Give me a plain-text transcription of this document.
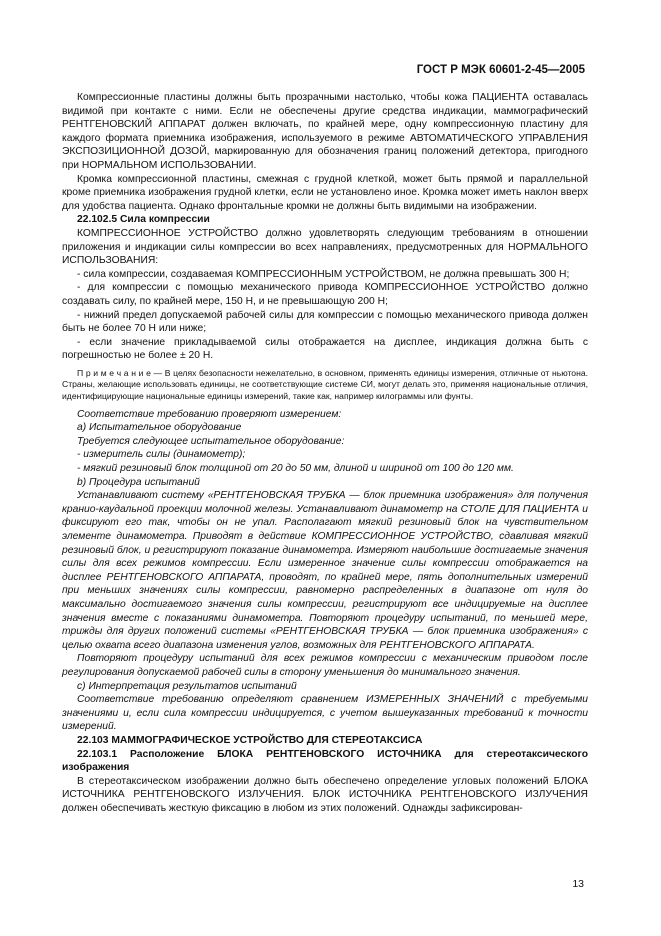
ГОСТ Р МЭК 60601-2-45—2005

Компрессионные пластины должны быть прозрачными настолько, чтобы кожа ПАЦИЕНТА оставалась видимой при контакте с ними. Если не обеспечены другие средства индикации, маммографический РЕНТГЕНОВСКИЙ АППАРАТ должен включать, по крайней мере, одну компрессионную пластину для каждого формата приемника изображения, используемого в режиме АВТОМАТИЧЕСКОГО УПРАВЛЕНИЯ ЭКСПОЗИЦИОННОЙ ДОЗОЙ, маркированную для обозначения границ положений детектора, пригодного при НОРМАЛЬНОМ ИСПОЛЬЗОВАНИИ.

Кромка компрессионной пластины, смежная с грудной клеткой, может быть прямой и параллельной кроме приемника изображения грудной клетки, если не установлено иное. Кромка может иметь наклон вверх для удобства пациента. Однако фронтальные кромки не должны быть видимыми на изображении.

22.102.5 Сила компрессии

КОМПРЕССИОННОЕ УСТРОЙСТВО должно удовлетворять следующим требованиям в отношении приложения и индикации силы компрессии во всех направлениях, предусмотренных для НОРМАЛЬНОГО ИСПОЛЬЗОВАНИЯ:

- сила компрессии, создаваемая КОМПРЕССИОННЫМ УСТРОЙСТВОМ, не должна превышать 300 Н;

- для компрессии с помощью механического привода КОМПРЕССИОННОЕ УСТРОЙСТВО должно создавать силу, по крайней мере, 150 Н, и не превышающую 200 Н;

- нижний предел допускаемой рабочей силы для компрессии с помощью механического привода должен быть не более 70 Н или ниже;

- если значение прикладываемой силы отображается на дисплее, индикация должна быть с погрешностью не более ± 20 Н.

П р и м е ч а н и е — В целях безопасности нежелательно, в основном, применять единицы измерения, отличные от ньютона. Страны, желающие использовать единицы, не соответствующие системе СИ, могут делать это, применяя национальные отличия, идентифицирующие национальные единицы измерений, такие как, например килограммы или фунты.

Соответствие требованию проверяют измерением:

a) Испытательное оборудование

Требуется следующее испытательное оборудование:

- измеритель силы (динамометр);

- мягкий резиновый блок толщиной от 20 до 50 мм, длиной и шириной от 100 до 120 мм.

b) Процедура испытаний

Устанавливают систему «РЕНТГЕНОВСКАЯ ТРУБКА — блок приемника изображения» для получения кранио-каудальной проекции молочной железы. Устанавливают динамометр на СТОЛЕ ДЛЯ ПАЦИЕНТА и фиксируют его так, чтобы он не упал. Располагают мягкий резиновый блок на чувствительном элементе динамометра. Приводят в действие КОМПРЕССИОННОЕ УСТРОЙСТВО, сдавливая мягкий резиновый блок, и регистрируют показание динамометра. Измеряют наибольшие достигаемые значения силы для всех режимов компрессии. Если измеренное значение силы компрессии отображается на дисплее РЕНТГЕНОВСКОГО АППАРАТА, проводят, по крайней мере, пять дополнительных измерений при меньших значениях силы компрессии, равномерно распределенных в диапазоне от нуля до максимально достигаемого значения силы компрессии, регистрируют все индицируемые на дисплее значения вместе с показаниями динамометра. Повторяют процедуру испытаний, по меньшей мере, трижды для других положений системы «РЕНТГЕНОВСКАЯ ТРУБКА — блок приемника изображения» с целью охвата всего диапазона изменения углов, возможных для РЕНТГЕНОВСКОГО АППАРАТА.

Повторяют процедуру испытаний для всех режимов компрессии с механическим приводом после регулирования допускаемой рабочей силы в сторону уменьшения до минимального значения.

c) Интерпретация результатов испытаний

Соответствие требованию определяют сравнением ИЗМЕРЕННЫХ ЗНАЧЕНИЙ с требуемыми значениями и, если сила компрессии индицируется, с учетом вышеуказанных требований к точности измерений.

22.103 МАММОГРАФИЧЕСКОЕ УСТРОЙСТВО ДЛЯ СТЕРЕОТАКСИСА

22.103.1 Расположение БЛОКА РЕНТГЕНОВСКОГО ИСТОЧНИКА для стереотаксического изображения

В стереотаксическом изображении должно быть обеспечено определение угловых положений БЛОКА ИСТОЧНИКА РЕНТГЕНОВСКОГО ИЗЛУЧЕНИЯ. БЛОК ИСТОЧНИКА РЕНТГЕНОВСКОГО ИЗЛУЧЕНИЯ должен обеспечивать жесткую фиксацию в любом из этих положений. Однажды зафиксирован-

13
